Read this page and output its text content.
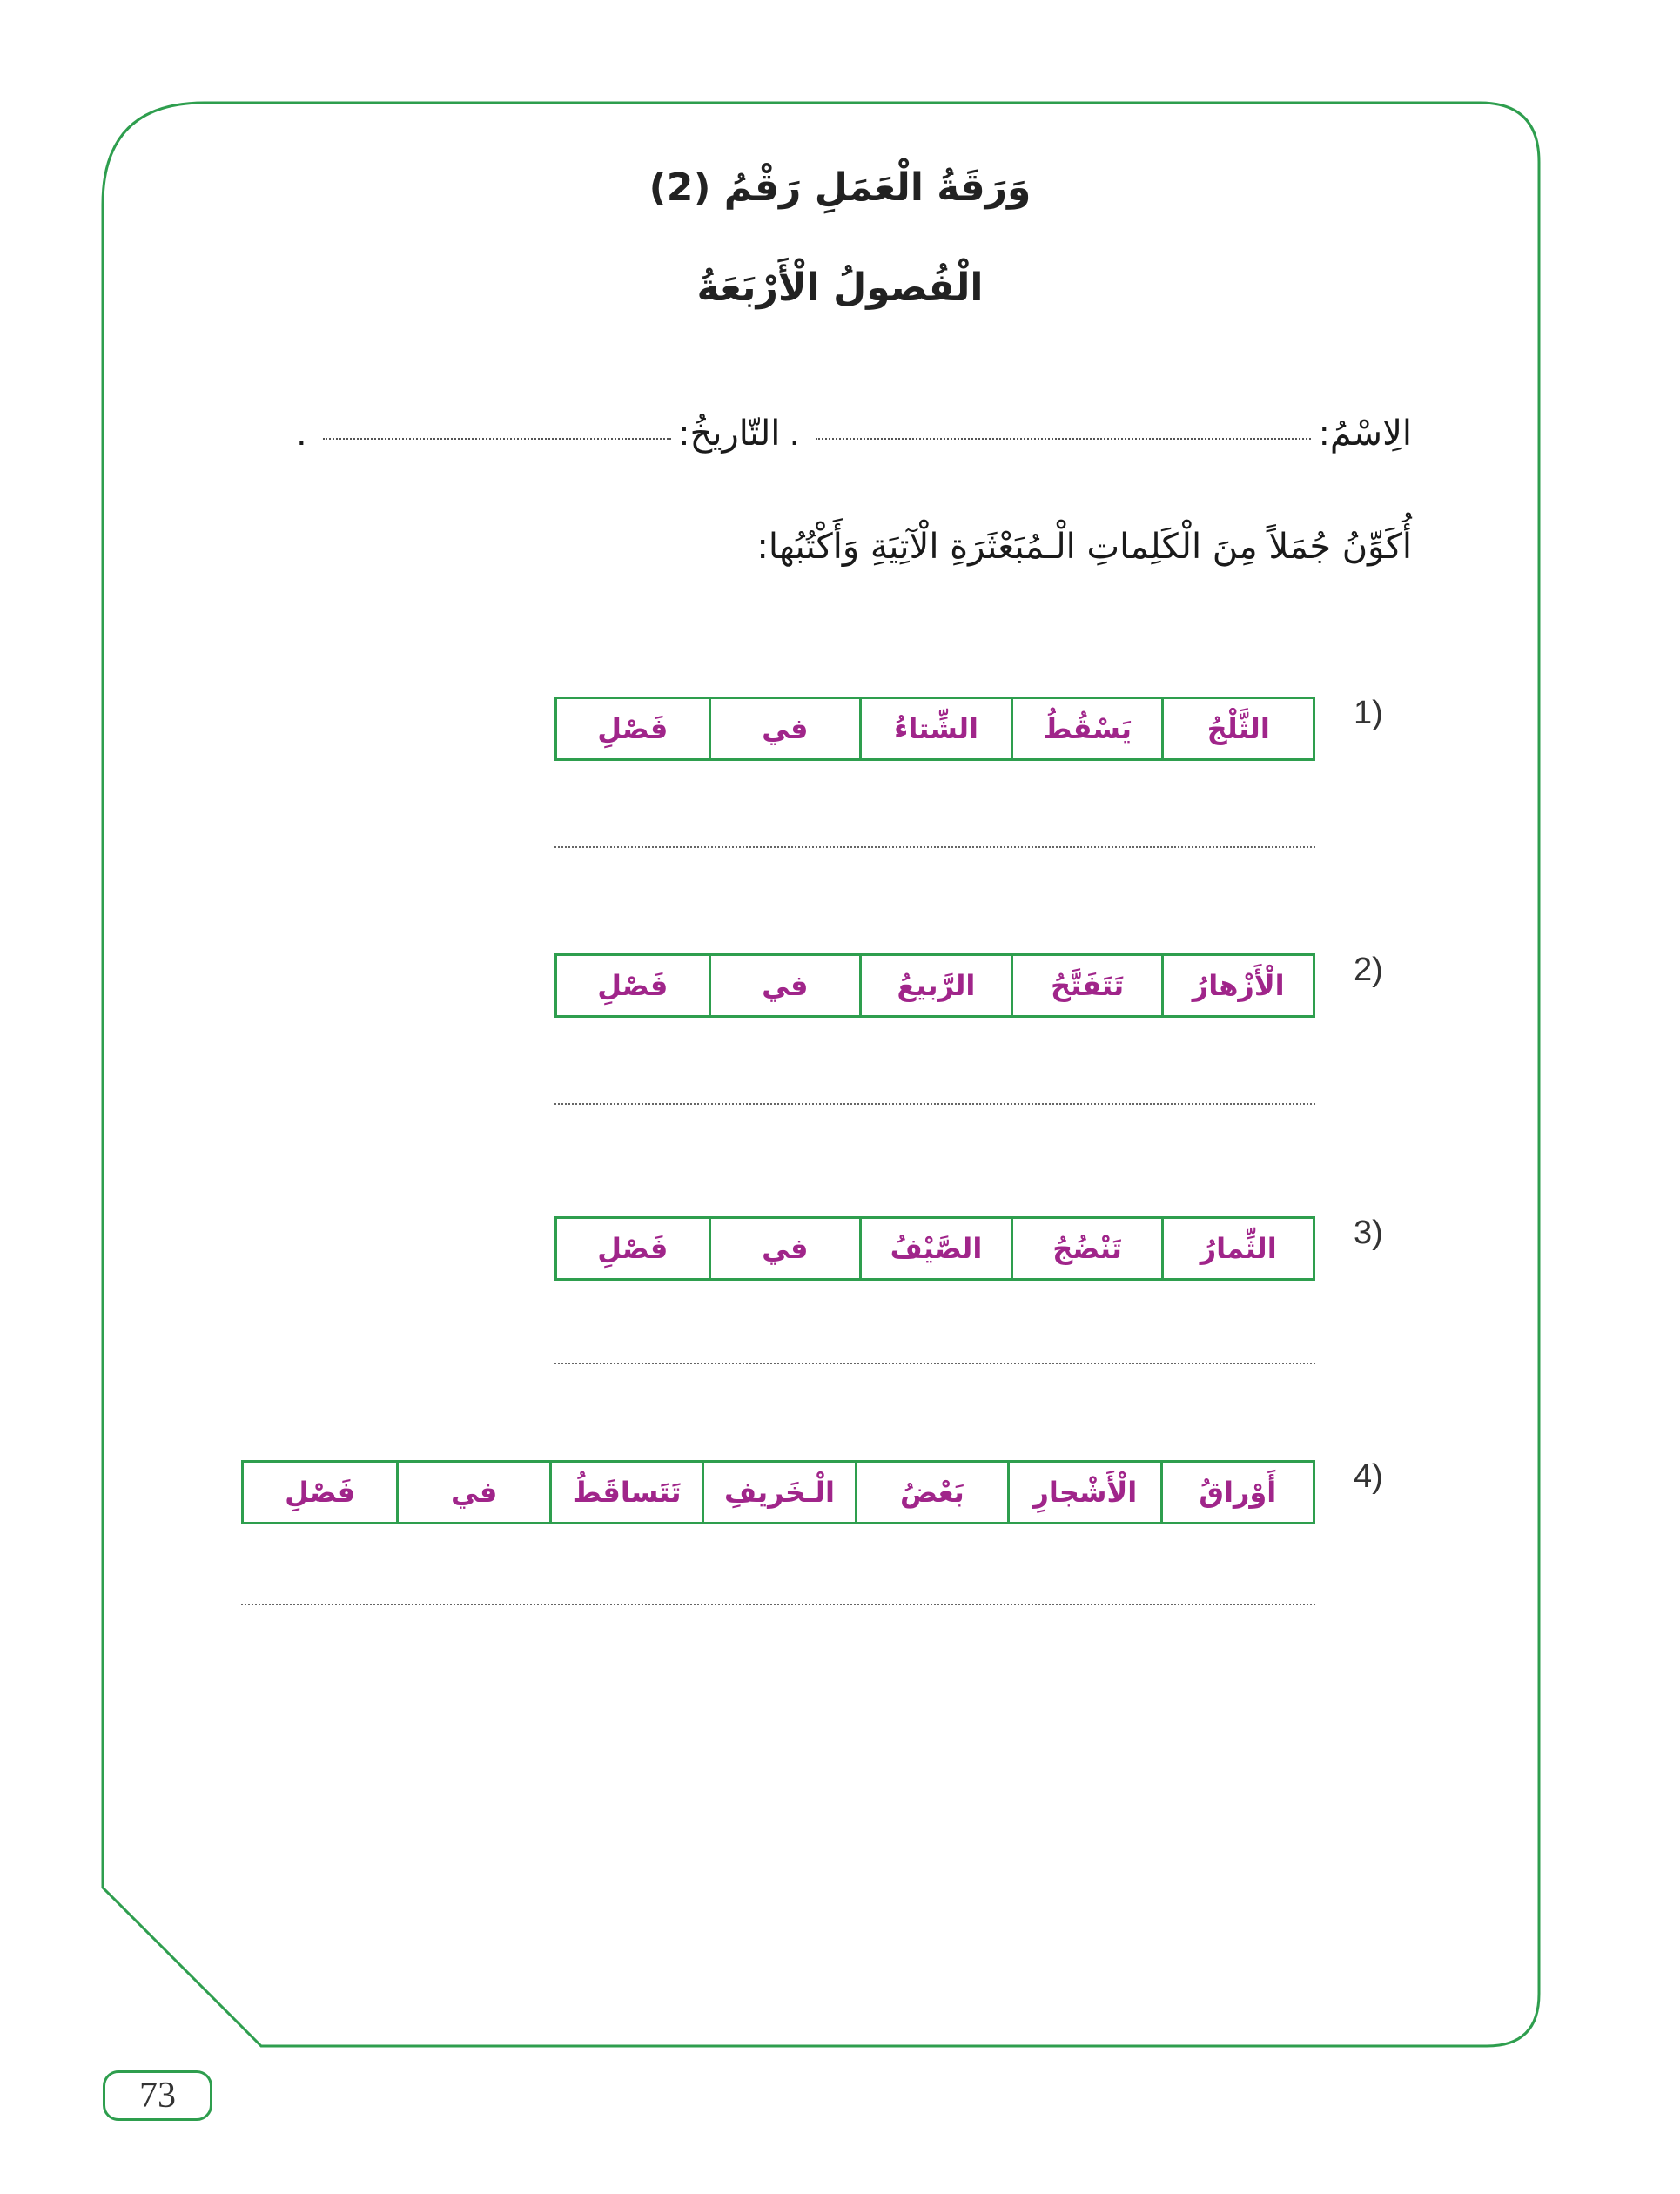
وَرَقَةُ الْعَمَلِ رَقْمُ (2)
الْفُصولُ الْأَرْبَعَةُ
الِاسْمُ:
.
التّاريخُ:
.
أُكَوِّنُ جُمَلاً مِنَ الْكَلِماتِ الْـمُبَعْثَرَةِ الْآتِيَةِ وَأَكْتُبُها:
1)
الثَّلْجُ
يَسْقُطُ
الشِّتاءُ
في
فَصْلِ
2)
الْأَزْهارُ
تَتَفَتَّحُ
الرَّبيعُ
في
فَصْلِ
3)
الثِّمارُ
تَنْضُجُ
الصَّيْفُ
في
فَصْلِ
4)
أَوْراقُ
الْأَشْجارِ
بَعْضُ
الْـخَريفِ
تَتَساقَطُ
في
فَصْلِ
73
